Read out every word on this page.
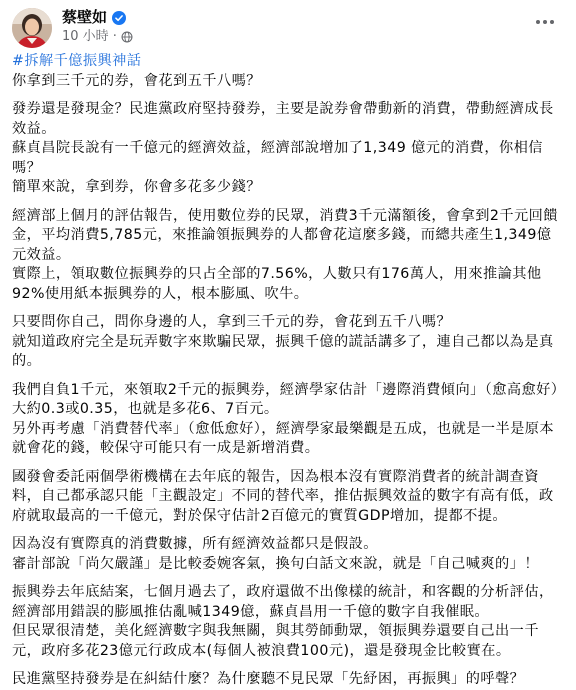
蔡壁如
10 小時 ·

#拆解千億振興神話
你拿到三千元的券，會花到五千八嗎？

發券還是發現金？民進黨政府堅持發券，主要是說券會帶動新的消費，帶動經濟成長效益。
蘇貞昌院長說有一千億元的經濟效益，經濟部說增加了1,349 億元的消費，你相信嗎？
簡單來說，拿到券，你會多花多少錢？

經濟部上個月的評估報告，使用數位券的民眾，消費3千元滿額後，會拿到2千元回饋金，平均消費5,785元，來推論領振興券的人都會花這麼多錢，而總共產生1,349億元效益。
實際上，領取數位振興券的只占全部的7.56%，人數只有176萬人，用來推論其他92%使用紙本振興券的人，根本膨風、吹牛。

只要問你自己，問你身邊的人，拿到三千元的券，會花到五千八嗎？
就知道政府完全是玩弄數字來欺騙民眾，振興千億的謊話講多了，連自己都以為是真的。

我們自負1千元，來領取2千元的振興券，經濟學家估計「邊際消費傾向」（愈高愈好）大約0.3或0.35，也就是多花6、7百元。
另外再考慮「消費替代率」（愈低愈好），經濟學家最樂觀是五成，也就是一半是原本就會花的錢，較保守可能只有一成是新增消費。

國發會委託兩個學術機構在去年底的報告，因為根本沒有實際消費者的統計調查資料，自己都承認只能「主觀設定」不同的替代率，推估振興效益的數字有高有低，政府就取最高的一千億元，對於保守估計2百億元的實質GDP增加，提都不提。

因為沒有實際真的消費數據，所有經濟效益都只是假設。
審計部說「尚欠嚴謹」是比較委婉客氣，換句白話文來說，就是「自己喊爽的」！

振興券去年底結案，七個月過去了，政府還做不出像樣的統計，和客觀的分析評估，經濟部用錯誤的膨風推估亂喊1349億，蘇貞昌用一千億的數字自我催眠。
但民眾很清楚，美化經濟數字與我無關，與其勞師動眾，領振興券還要自己出一千元，政府多花23億元行政成本(每個人被浪費100元)，還是發現金比較實在。

民進黨堅持發券是在糾結什麼？為什麼聽不見民眾「先紓困，再振興」的呼聲？
